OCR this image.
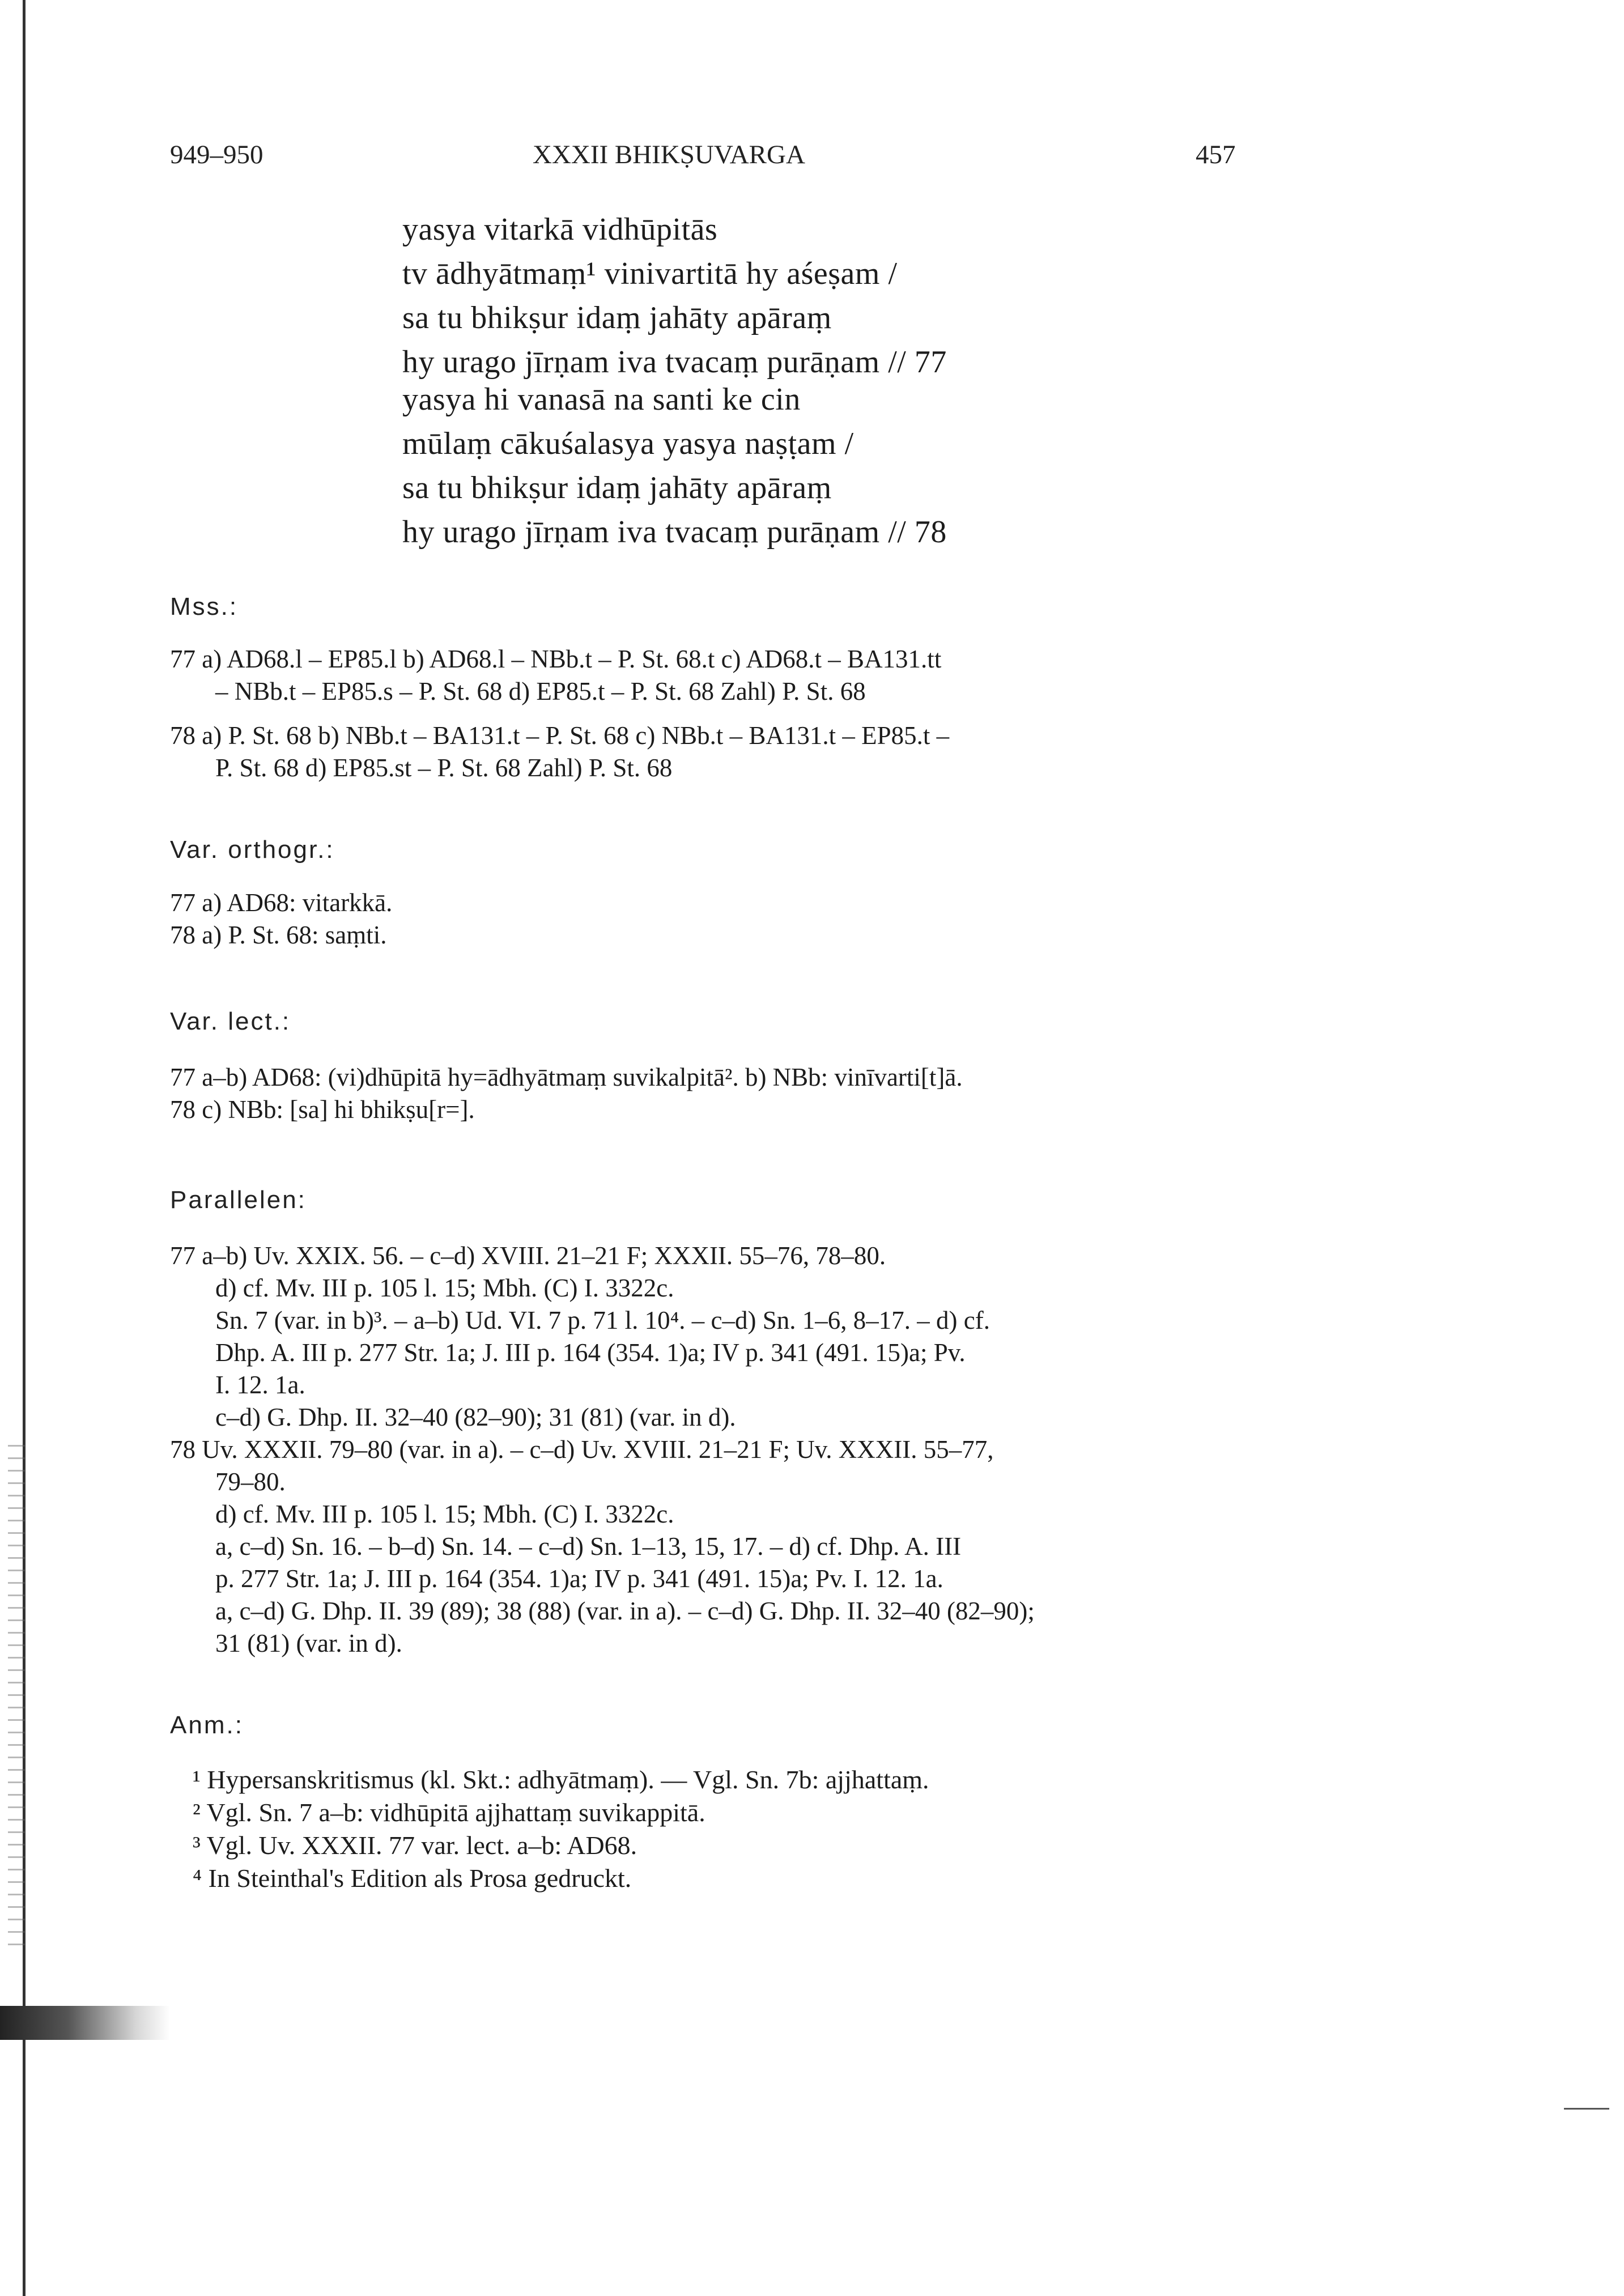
949–950	XXXII BHIKṢUVARGA	457
yasya vitarkā vidhūpitās
tv ādhyātmaṃ¹ vinivartitā hy aśeṣam /
sa tu bhikṣur idaṃ jahāty apāraṃ
hy urago jīrṇam iva tvacaṃ purāṇam // 77
yasya hi vanasā na santi ke cin
mūlaṃ cākuśalasya yasya naṣṭam /
sa tu bhikṣur idaṃ jahāty apāraṃ
hy urago jīrṇam iva tvacaṃ purāṇam // 78
Mss.:
77 a) AD68.l – EP85.l b) AD68.l – NBb.t – P. St. 68.t c) AD68.t – BA131.tt
– NBb.t – EP85.s – P. St. 68 d) EP85.t – P. St. 68 Zahl) P. St. 68
78 a) P. St. 68 b) NBb.t – BA131.t – P. St. 68 c) NBb.t – BA131.t – EP85.t –
P. St. 68 d) EP85.st – P. St. 68 Zahl) P. St. 68
Var. orthogr.:
77 a) AD68: vitarkkā.
78 a) P. St. 68: saṃti.
Var. lect.:
77 a–b) AD68: (vi)dhūpitā hy=ādhyātmaṃ suvikalpitā². b) NBb: vinīvarti[t]ā.
78 c) NBb: [sa] hi bhikṣu[r=].
Parallelen:
77 a–b) Uv. XXIX. 56. – c–d) XVIII. 21–21 F; XXXII. 55–76, 78–80.
d) cf. Mv. III p. 105 l. 15; Mbh. (C) I. 3322c.
Sn. 7 (var. in b)³. – a–b) Ud. VI. 7 p. 71 l. 10⁴. – c–d) Sn. 1–6, 8–17. – d) cf.
Dhp. A. III p. 277 Str. 1a; J. III p. 164 (354. 1)a; IV p. 341 (491. 15)a; Pv.
I. 12. 1a.
c–d) G. Dhp. II. 32–40 (82–90); 31 (81) (var. in d).
78 Uv. XXXII. 79–80 (var. in a). – c–d) Uv. XVIII. 21–21 F; Uv. XXXII. 55–77,
79–80.
d) cf. Mv. III p. 105 l. 15; Mbh. (C) I. 3322c.
a, c–d) Sn. 16. – b–d) Sn. 14. – c–d) Sn. 1–13, 15, 17. – d) cf. Dhp. A. III
p. 277 Str. 1a; J. III p. 164 (354. 1)a; IV p. 341 (491. 15)a; Pv. I. 12. 1a.
a, c–d) G. Dhp. II. 39 (89); 38 (88) (var. in a). – c–d) G. Dhp. II. 32–40 (82–90);
31 (81) (var. in d).
Anm.:
¹ Hypersanskritismus (kl. Skt.: adhyātmaṃ). — Vgl. Sn. 7b: ajjhattaṃ.
² Vgl. Sn. 7 a–b: vidhūpitā ajjhattaṃ suvikappitā.
³ Vgl. Uv. XXXII. 77 var. lect. a–b: AD68.
⁴ In Steinthal's Edition als Prosa gedruckt.
